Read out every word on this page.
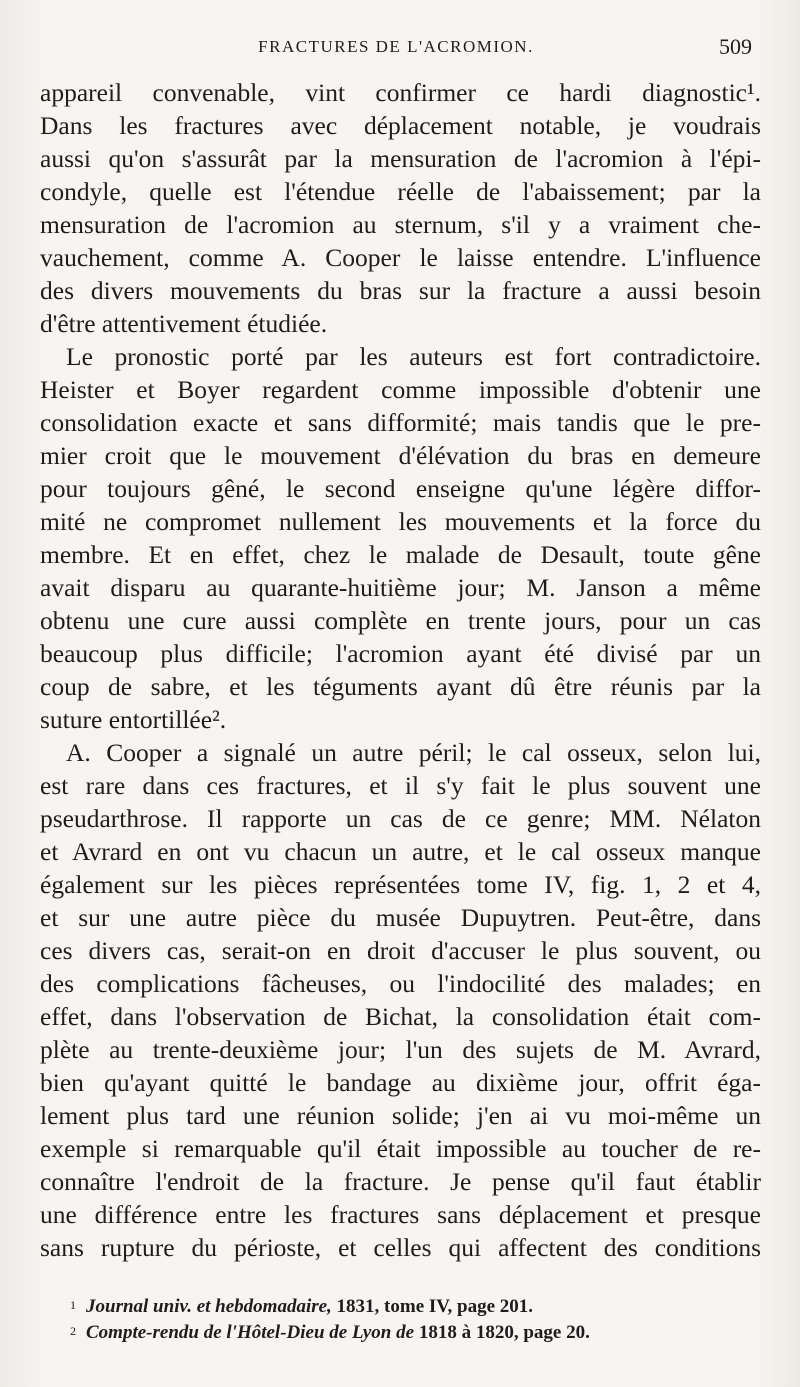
FRACTURES DE L'ACROMION.	509

appareil convenable, vint confirmer ce hardi diagnostic¹.
Dans les fractures avec déplacement notable, je voudrais
aussi qu'on s'assurât par la mensuration de l'acromion à l'épi-
condyle, quelle est l'étendue réelle de l'abaissement; par la
mensuration de l'acromion au sternum, s'il y a vraiment che-
vauchement, comme A. Cooper le laisse entendre. L'influence
des divers mouvements du bras sur la fracture a aussi besoin
d'être attentivement étudiée.

Le pronostic porté par les auteurs est fort contradictoire.
Heister et Boyer regardent comme impossible d'obtenir une
consolidation exacte et sans difformité; mais tandis que le pre-
mier croit que le mouvement d'élévation du bras en demeure
pour toujours gêné, le second enseigne qu'une légère diffor-
mité ne compromet nullement les mouvements et la force du
membre. Et en effet, chez le malade de Desault, toute gêne
avait disparu au quarante-huitième jour; M. Janson a même
obtenu une cure aussi complète en trente jours, pour un cas
beaucoup plus difficile; l'acromion ayant été divisé par un
coup de sabre, et les téguments ayant dû être réunis par la
suture entortillée².

A. Cooper a signalé un autre péril; le cal osseux, selon lui,
est rare dans ces fractures, et il s'y fait le plus souvent une
pseudarthrose. Il rapporte un cas de ce genre; MM. Nélaton
et Avrard en ont vu chacun un autre, et le cal osseux manque
également sur les pièces représentées tome IV, fig. 1, 2 et 4,
et sur une autre pièce du musée Dupuytren. Peut-être, dans
ces divers cas, serait-on en droit d'accuser le plus souvent, ou
des complications fâcheuses, ou l'indocilité des malades; en
effet, dans l'observation de Bichat, la consolidation était com-
plète au trente-deuxième jour; l'un des sujets de M. Avrard,
bien qu'ayant quitté le bandage au dixième jour, offrit éga-
lement plus tard une réunion solide; j'en ai vu moi-même un
exemple si remarquable qu'il était impossible au toucher de re-
connaître l'endroit de la fracture. Je pense qu'il faut établir
une différence entre les fractures sans déplacement et presque
sans rupture du périoste, et celles qui affectent des conditions

1 Journal univ. et hebdomadaire, 1831, tome IV, page 201.
2 Compte-rendu de l'Hôtel-Dieu de Lyon de 1818 à 1820, page 20.
